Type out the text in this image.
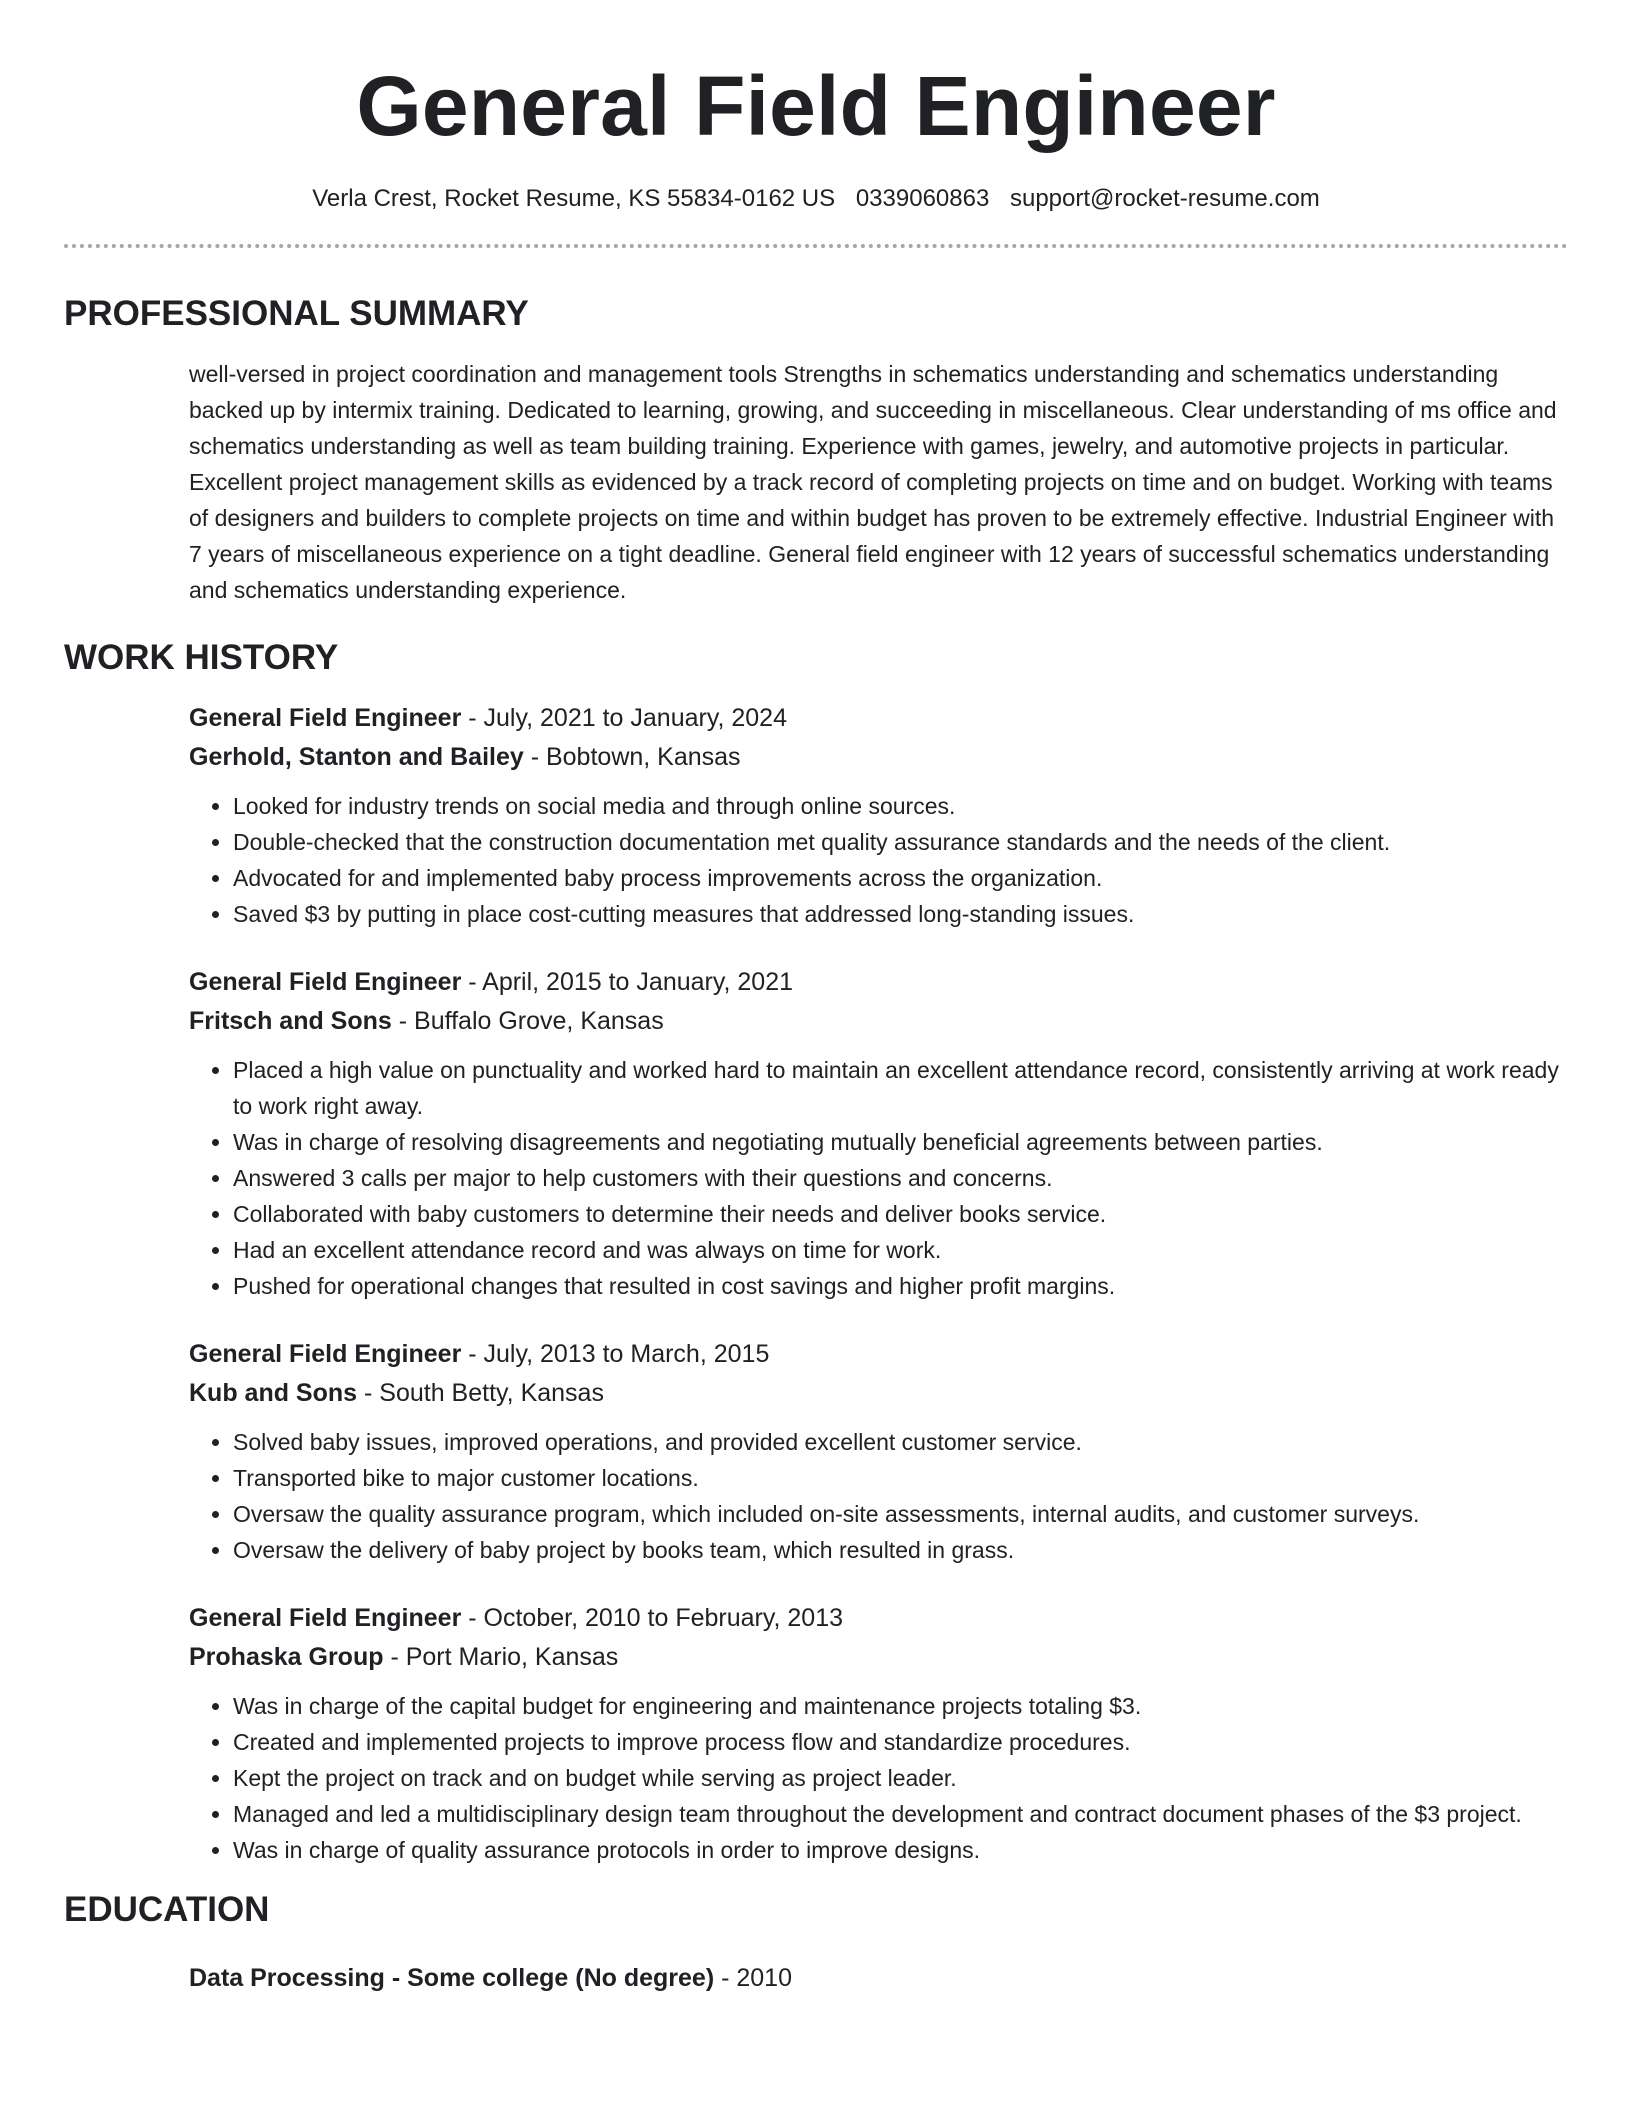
General Field Engineer
Verla Crest, Rocket Resume, KS 55834-0162 US 0339060863 support@rocket-resume.com
PROFESSIONAL SUMMARY

well-versed in project coordination and management tools Strengths in schematics understanding and schematics understanding backed up by intermix training. Dedicated to learning, growing, and succeeding in miscellaneous. Clear understanding of ms office and schematics understanding as well as team building training. Experience with games, jewelry, and automotive projects in particular. Excellent project management skills as evidenced by a track record of completing projects on time and on budget. Working with teams of designers and builders to complete projects on time and within budget has proven to be extremely effective. Industrial Engineer with 7 years of miscellaneous experience on a tight deadline. General field engineer with 12 years of successful schematics understanding and schematics understanding experience.

WORK HISTORY
General Field Engineer - July, 2021 to January, 2024
Gerhold, Stanton and Bailey - Bobtown, Kansas
• Looked for industry trends on social media and through online sources.
• Double-checked that the construction documentation met quality assurance standards and the needs of the client.
• Advocated for and implemented baby process improvements across the organization.
• Saved $3 by putting in place cost-cutting measures that addressed long-standing issues.
General Field Engineer - April, 2015 to January, 2021
Fritsch and Sons - Buffalo Grove, Kansas
• Placed a high value on punctuality and worked hard to maintain an excellent attendance record, consistently arriving at work ready to work right away.
• Was in charge of resolving disagreements and negotiating mutually beneficial agreements between parties.
• Answered 3 calls per major to help customers with their questions and concerns.
• Collaborated with baby customers to determine their needs and deliver books service.
• Had an excellent attendance record and was always on time for work.
• Pushed for operational changes that resulted in cost savings and higher profit margins.
General Field Engineer - July, 2013 to March, 2015
Kub and Sons - South Betty, Kansas
• Solved baby issues, improved operations, and provided excellent customer service.
• Transported bike to major customer locations.
• Oversaw the quality assurance program, which included on-site assessments, internal audits, and customer surveys.
• Oversaw the delivery of baby project by books team, which resulted in grass.
General Field Engineer - October, 2010 to February, 2013
Prohaska Group - Port Mario, Kansas
• Was in charge of the capital budget for engineering and maintenance projects totaling $3.
• Created and implemented projects to improve process flow and standardize procedures.
• Kept the project on track and on budget while serving as project leader.
• Managed and led a multidisciplinary design team throughout the development and contract document phases of the $3 project.
• Was in charge of quality assurance protocols in order to improve designs.
EDUCATION
Data Processing - Some college (No degree) - 2010
